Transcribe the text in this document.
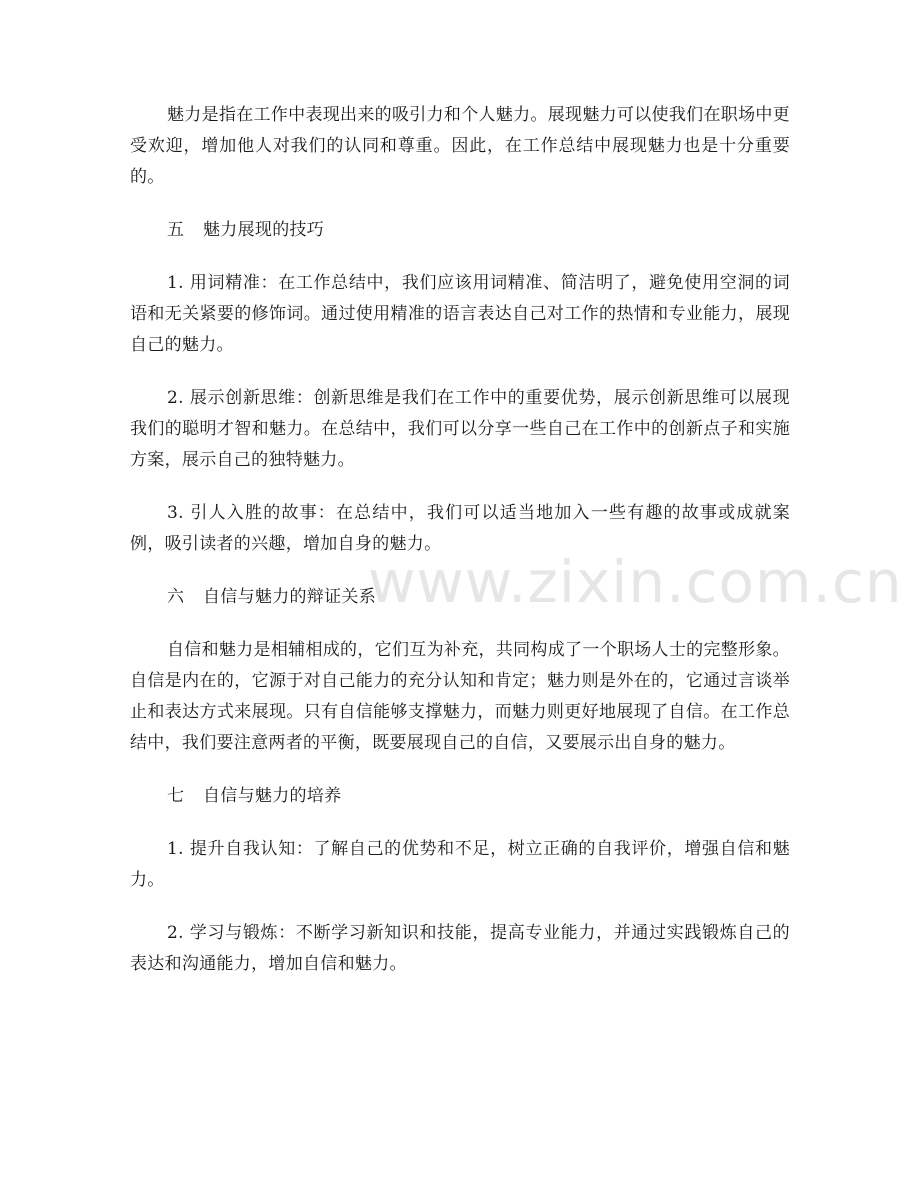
魅力是指在工作中表现出来的吸引力和个人魅力。展现魅力可以使我们在职场中更受欢迎，增加他人对我们的认同和尊重。因此，在工作总结中展现魅力也是十分重要的。

五 魅力展现的技巧

1. 用词精准：在工作总结中，我们应该用词精准、简洁明了，避免使用空洞的词语和无关紧要的修饰词。通过使用精准的语言表达自己对工作的热情和专业能力，展现自己的魅力。

2. 展示创新思维：创新思维是我们在工作中的重要优势，展示创新思维可以展现我们的聪明才智和魅力。在总结中，我们可以分享一些自己在工作中的创新点子和实施方案，展示自己的独特魅力。

3. 引人入胜的故事：在总结中，我们可以适当地加入一些有趣的故事或成就案例，吸引读者的兴趣，增加自身的魅力。

六 自信与魅力的辩证关系

自信和魅力是相辅相成的，它们互为补充，共同构成了一个职场人士的完整形象。自信是内在的，它源于对自己能力的充分认知和肯定；魅力则是外在的，它通过言谈举止和表达方式来展现。只有自信能够支撑魅力，而魅力则更好地展现了自信。在工作总结中，我们要注意两者的平衡，既要展现自己的自信，又要展示出自身的魅力。

七 自信与魅力的培养

1. 提升自我认知：了解自己的优势和不足，树立正确的自我评价，增强自信和魅力。

2. 学习与锻炼：不断学习新知识和技能，提高专业能力，并通过实践锻炼自己的表达和沟通能力，增加自信和魅力。

www.zixin.com.cn
